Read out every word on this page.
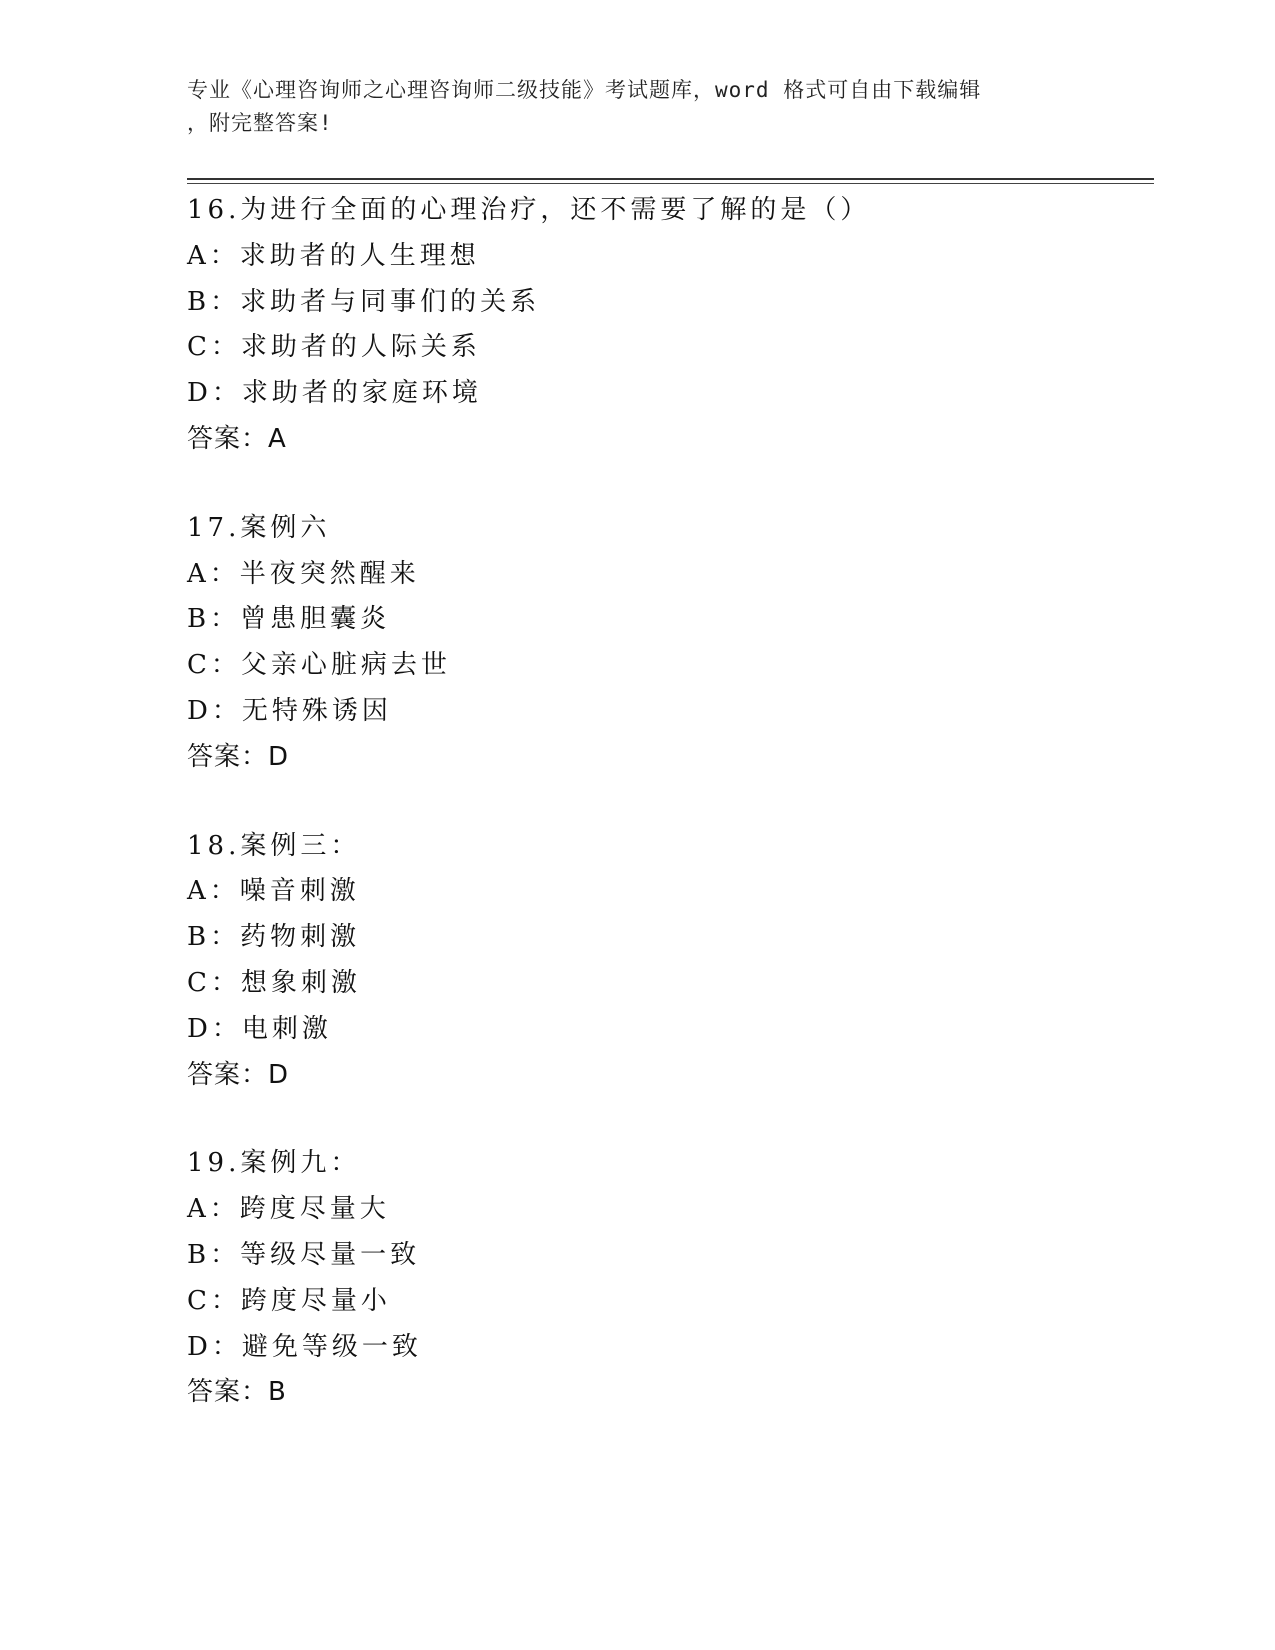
专业《心理咨询师之心理咨询师二级技能》考试题库，word 格式可自由下载编辑
，附完整答案!
16.为进行全面的心理治疗，还不需要了解的是（）
A：求助者的人生理想
B：求助者与同事们的关系
C：求助者的人际关系
D：求助者的家庭环境
答案：A
17.案例六
A：半夜突然醒来
B：曾患胆囊炎
C：父亲心脏病去世
D：无特殊诱因
答案：D
18.案例三：
A：噪音刺激
B：药物刺激
C：想象刺激
D：电刺激
答案：D
19.案例九：
A：跨度尽量大
B：等级尽量一致
C：跨度尽量小
D：避免等级一致
答案：B
